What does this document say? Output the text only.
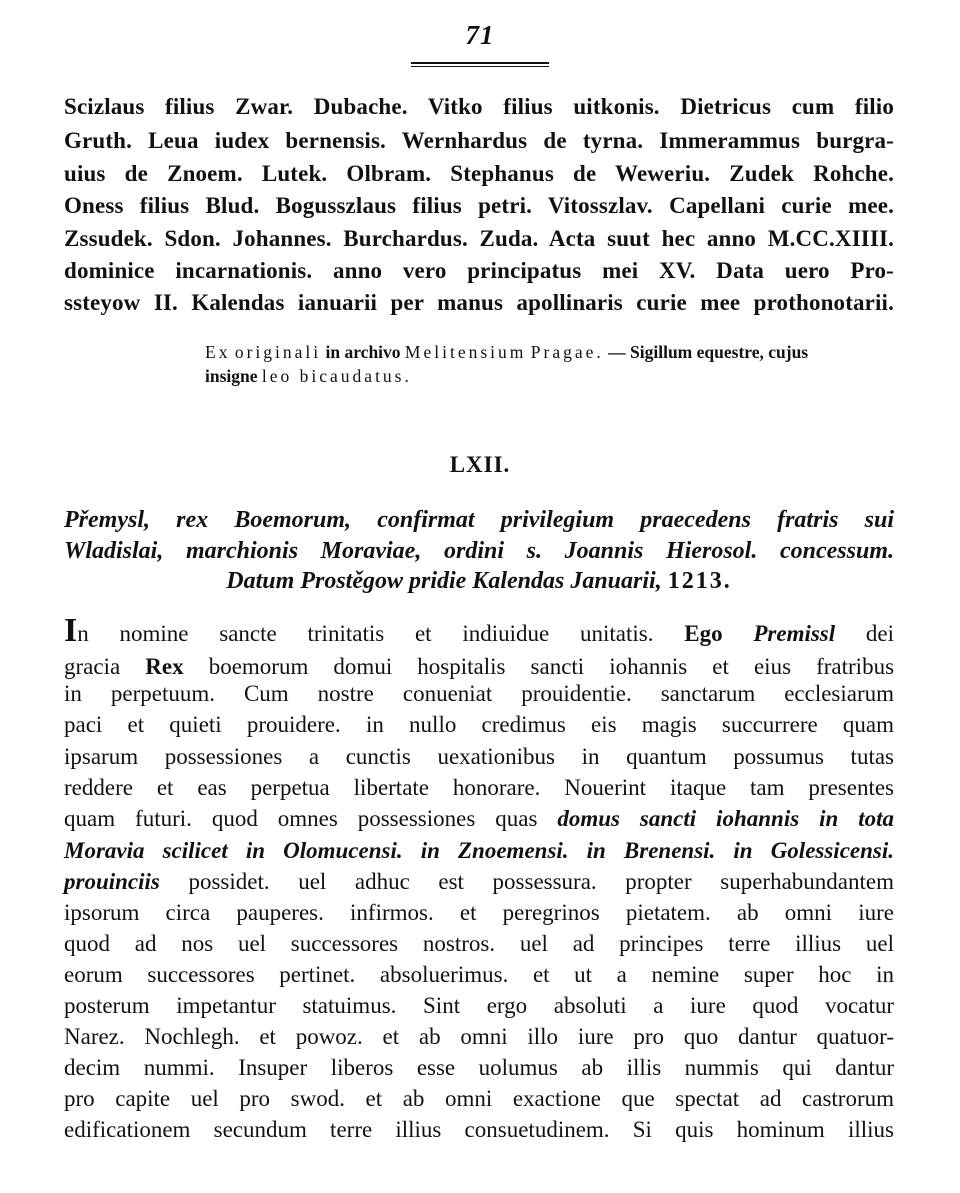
71
Scizlaus filius Zwar. Dubache. Vitko filius uitkonis. Dietricus cum filio
Gruth. Leua iudex bernensis. Wernhardus de tyrna. Immerammus burgra-
uius de Znoem. Lutek. Olbram. Stephanus de Weweriu. Zudek Rohche.
Oness filius Blud. Bogusszlaus filius petri. Vitosszlav. Capellani curie mee.
Zssudek. Sdon. Johannes. Burchardus. Zuda. Acta suut hec anno M.CC.XIIII.
dominice incarnationis. anno vero principatus mei XV. Data uero Pro-
ssteyow II. Kalendas ianuarii per manus apollinaris curie mee prothonotarii.
Ex originali in archivo Melitensium Pragae. — Sigillum equestre, cujus
insigne leo bicaudatus.
LXII.
Přemysl, rex Boemorum, confirmat privilegium praecedens fratris sui
Wladislai, marchionis Moraviae, ordini s. Joannis Hierosol. concessum.
Datum Prostěgow pridie Kalendas Januarii, 1213.
In nomine sancte trinitatis et indiuidue unitatis. Ego Premissl dei
gracia Rex boemorum domui hospitalis sancti iohannis et eius fratribus
in perpetuum. Cum nostre conueniat prouidentie. sanctarum ecclesiarum
paci et quieti prouidere. in nullo credimus eis magis succurrere quam
ipsarum possessiones a cunctis uexationibus in quantum possumus tutas
reddere et eas perpetua libertate honorare. Nouerint itaque tam presentes
quam futuri. quod omnes possessiones quas domus sancti iohannis in tota
Moravia scilicet in Olomucensi. in Znoemensi. in Brenensi. in Golessicensi.
prouinciis possidet. uel adhuc est possessura. propter superhabundantem
ipsorum circa pauperes. infirmos. et peregrinos pietatem. ab omni iure
quod ad nos uel successores nostros. uel ad principes terre illius uel
eorum successores pertinet. absoluerimus. et ut a nemine super hoc in
posterum impetantur statuimus. Sint ergo absoluti a iure quod vocatur
Narez. Nochlegh. et powoz. et ab omni illo iure pro quo dantur quatuor-
decim nummi. Insuper liberos esse uolumus ab illis nummis qui dantur
pro capite uel pro swod. et ab omni exactione que spectat ad castrorum
edificationem secundum terre illius consuetudinem. Si quis hominum illius
